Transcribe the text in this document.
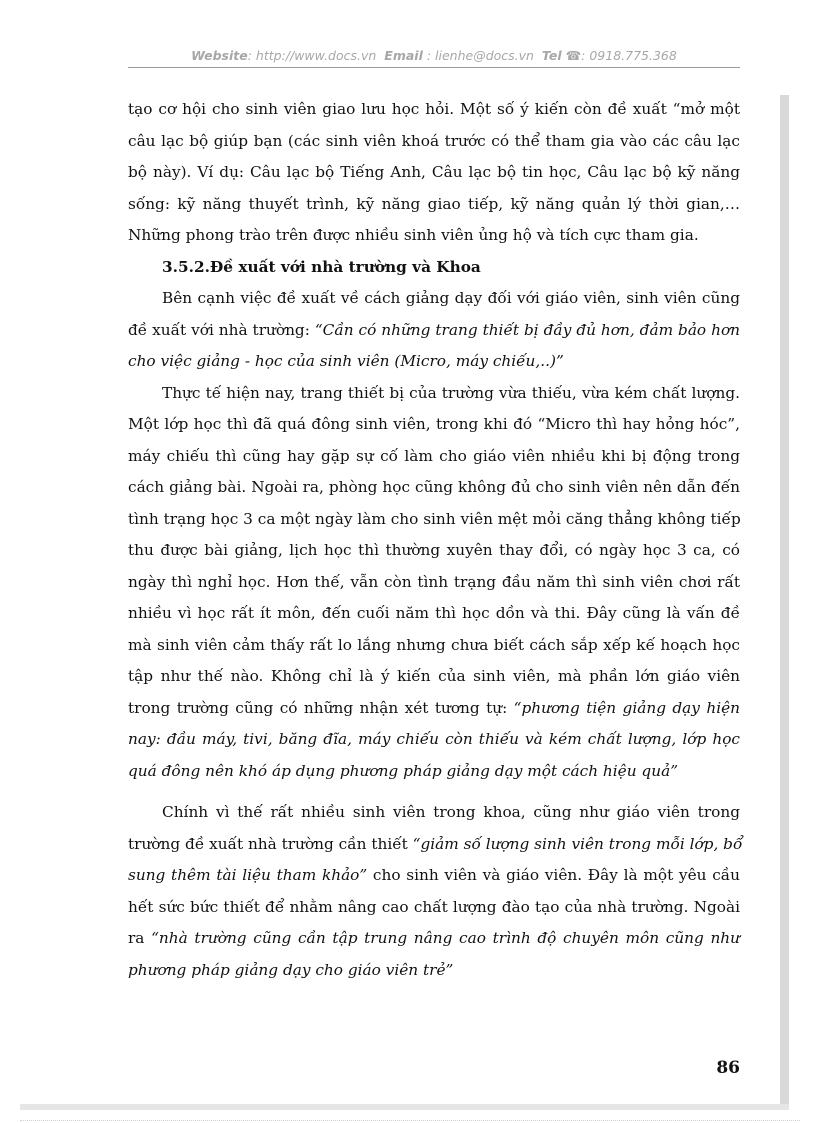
Website: http://www.docs.vn Email : lienhe@docs.vn Tel ☎: 0918.775.368
tạo cơ hội cho sinh viên giao lưu học hỏi. Một số ý kiến còn đề xuất “mở một
câu lạc bộ giúp bạn (các sinh viên khoá trước có thể tham gia vào các câu lạc
bộ này). Ví dụ: Câu lạc bộ Tiếng Anh, Câu lạc bộ tin học, Câu lạc bộ kỹ năng
sống: kỹ năng thuyết trình, kỹ năng giao tiếp, kỹ năng quản lý thời gian,…
Những phong trào trên được nhiều sinh viên ủng hộ và tích cực tham gia.
3.5.2.Đề xuất với nhà trường và Khoa
Bên cạnh việc đề xuất về cách giảng dạy đối với giáo viên, sinh viên cũng
đề xuất với nhà trường: “Cần có những trang thiết bị đầy đủ hơn, đảm bảo hơn
cho việc giảng - học của sinh viên (Micro, máy chiếu,..)”
Thực tế hiện nay, trang thiết bị của trường vừa thiếu, vừa kém chất lượng.
Một lớp học thì đã quá đông sinh viên, trong khi đó “Micro thì hay hỏng hóc”,
máy chiếu thì cũng hay gặp sự cố làm cho giáo viên nhiều khi bị động trong
cách giảng bài. Ngoài ra, phòng học cũng không đủ cho sinh viên nên dẫn đến
tình trạng học 3 ca một ngày làm cho sinh viên mệt mỏi căng thẳng không tiếp
thu được bài giảng, lịch học thì thường xuyên thay đổi, có ngày học 3 ca, có
ngày thì nghỉ học. Hơn thế, vẫn còn tình trạng đầu năm thì sinh viên chơi rất
nhiều vì học rất ít môn, đến cuối năm thì học dồn và thi. Đây cũng là vấn đề
mà sinh viên cảm thấy rất lo lắng nhưng chưa biết cách sắp xếp kế hoạch học
tập như thế nào. Không chỉ là ý kiến của sinh viên, mà phần lớn giáo viên
trong trường cũng có những nhận xét tương tự: “phương tiện giảng dạy hiện
nay: đầu máy, tivi, băng đĩa, máy chiếu còn thiếu và kém chất lượng, lớp học
quá đông nên khó áp dụng phương pháp giảng dạy một cách hiệu quả”
Chính vì thế rất nhiều sinh viên trong khoa, cũng như giáo viên trong
trường đề xuất nhà trường cần thiết “giảm số lượng sinh viên trong mỗi lớp, bổ
sung thêm tài liệu tham khảo” cho sinh viên và giáo viên. Đây là một yêu cầu
hết sức bức thiết để nhằm nâng cao chất lượng đào tạo của nhà trường. Ngoài
ra “nhà trường cũng cần tập trung nâng cao trình độ chuyên môn cũng như
phương pháp giảng dạy cho giáo viên trẻ”
86
